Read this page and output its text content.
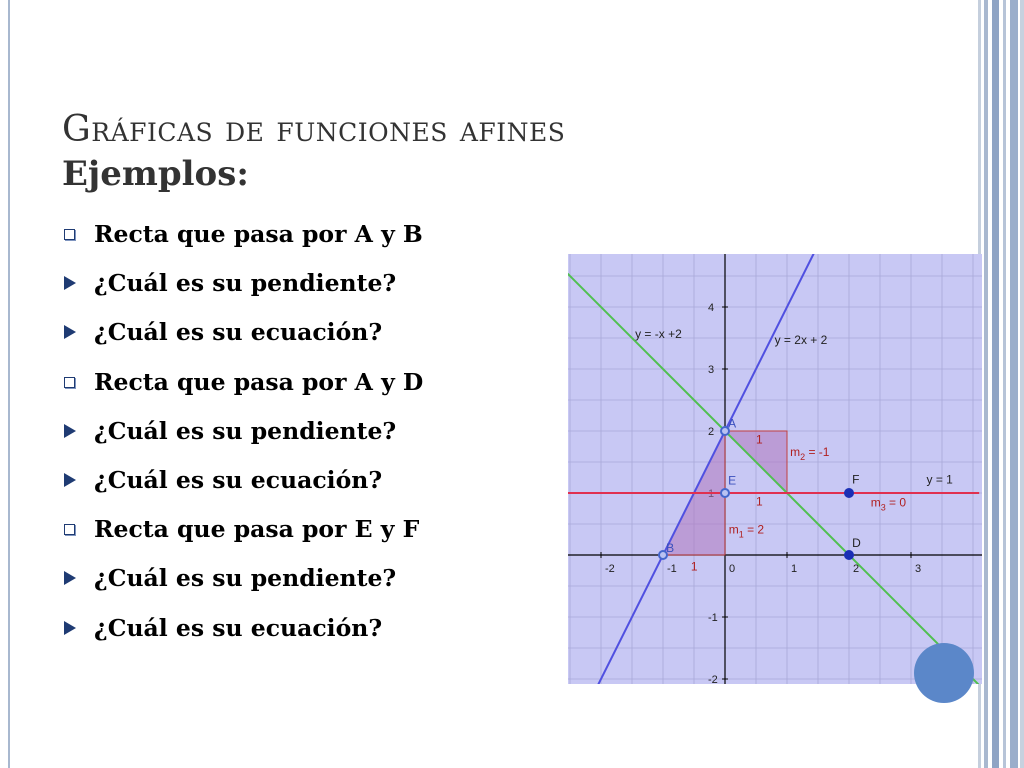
Gráficas de funciones afines
Ejemplos:
Recta que pasa por A y B
¿Cuál es su pendiente?
¿Cuál es su ecuación?
Recta que pasa por A y D
¿Cuál es su pendiente?
¿Cuál es su ecuación?
Recta que pasa por E y F
¿Cuál es su pendiente?
¿Cuál es su ecuación?
-2	-1	0	1	2	3
-2
-1
2
3
4
y = -x +2	y = 2x + 2
y = 1
A
E
B
F
D
1
1
1
$m_1 = 2$
$m_2 = -1$
$m_3 = 0$
